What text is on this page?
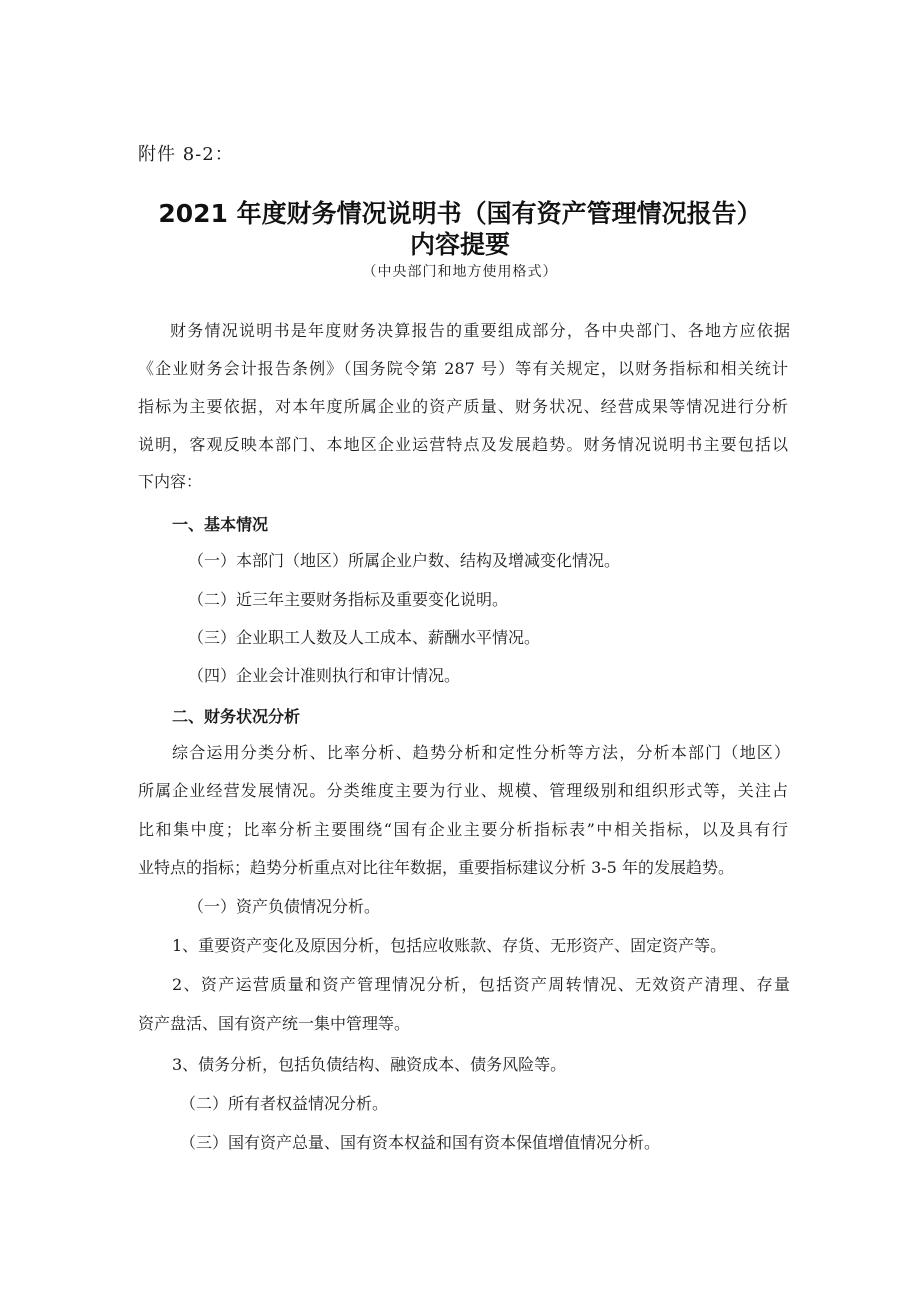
附件 8-2：
2021 年度财务情况说明书（国有资产管理情况报告）
内容提要
（中央部门和地方使用格式）
财务情况说明书是年度财务决算报告的重要组成部分，各中央部门、各地方应依据
《企业财务会计报告条例》（国务院令第 287 号）等有关规定，以财务指标和相关统计
指标为主要依据，对本年度所属企业的资产质量、财务状况、经营成果等情况进行分析
说明，客观反映本部门、本地区企业运营特点及发展趋势。财务情况说明书主要包括以
下内容：
一、基本情况
（一）本部门（地区）所属企业户数、结构及增减变化情况。
（二）近三年主要财务指标及重要变化说明。
（三）企业职工人数及人工成本、薪酬水平情况。
（四）企业会计准则执行和审计情况。
二、财务状况分析
综合运用分类分析、比率分析、趋势分析和定性分析等方法，分析本部门（地区）
所属企业经营发展情况。分类维度主要为行业、规模、管理级别和组织形式等，关注占
比和集中度；比率分析主要围绕“国有企业主要分析指标表”中相关指标，以及具有行
业特点的指标；趋势分析重点对比往年数据，重要指标建议分析 3-5 年的发展趋势。
（一）资产负债情况分析。
1、重要资产变化及原因分析，包括应收账款、存货、无形资产、固定资产等。
2、资产运营质量和资产管理情况分析，包括资产周转情况、无效资产清理、存量
资产盘活、国有资产统一集中管理等。
3、债务分析，包括负债结构、融资成本、债务风险等。
（二）所有者权益情况分析。
（三）国有资产总量、国有资本权益和国有资本保值增值情况分析。
